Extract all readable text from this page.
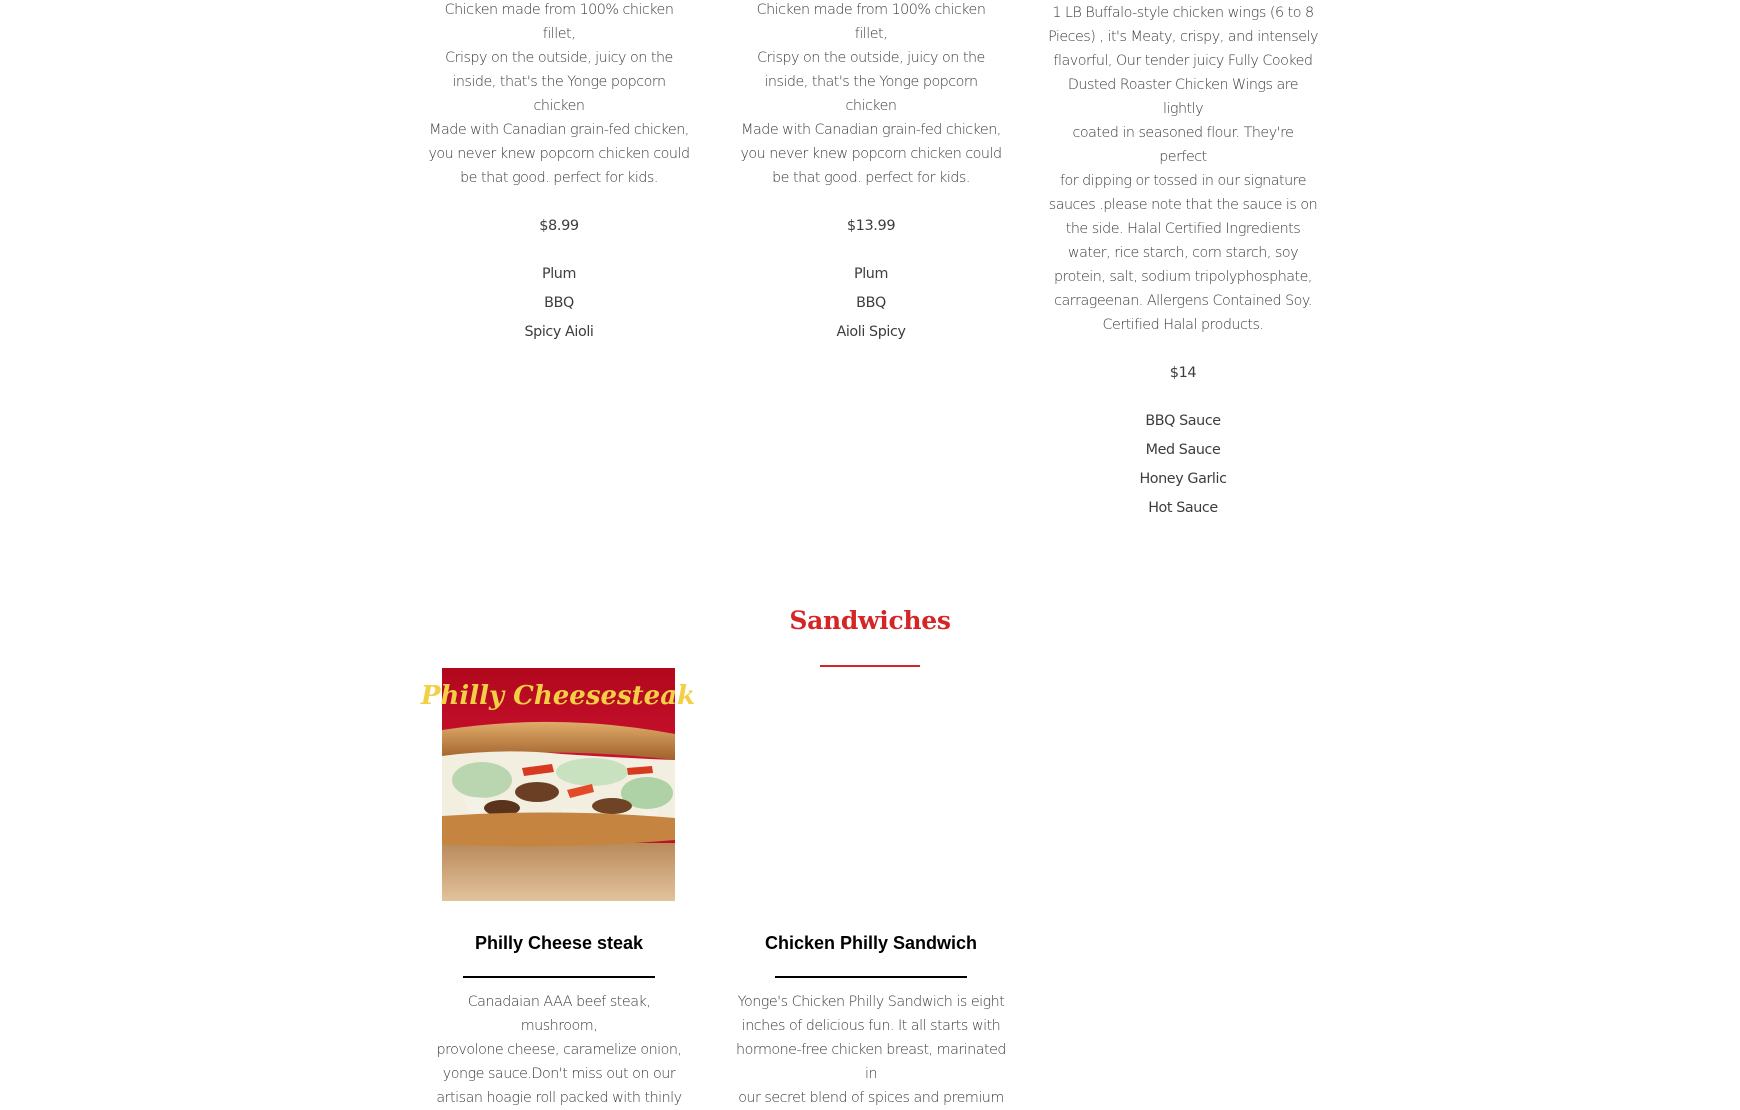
Chicken made from 100% chicken fillet,
Crispy on the outside, juicy on the
inside, that's the Yonge popcorn chicken
Made with Canadian grain-fed chicken,
you never knew popcorn chicken could
be that good. perfect for kids.

$8.99
Plum
BBQ
Spicy Aioli

Chicken made from 100% chicken fillet,
Crispy on the outside, juicy on the
inside, that's the Yonge popcorn chicken
Made with Canadian grain-fed chicken,
you never knew popcorn chicken could
be that good. perfect for kids.

$13.99
Plum
BBQ
Aioli Spicy

1 LB Buffalo-style chicken wings (6 to 8
Pieces) , it's Meaty, crispy, and intensely
flavorful, Our tender juicy Fully Cooked
Dusted Roaster Chicken Wings are lightly
coated in seasoned flour. They're perfect
for dipping or tossed in our signature
sauces .please note that the sauce is on
the side. Halal Certified Ingredients
water, rice starch, corn starch, soy
protein, salt, sodium tripolyphosphate,
carrageenan. Allergens Contained Soy.
Certified Halal products.

$14
BBQ Sauce
Med Sauce
Honey Garlic
Hot Sauce
Sandwiches
Philly Cheesesteak
Philly Cheese steak

Canadaian AAA beef steak, mushroom,
provolone cheese, caramelize onion,
yonge sauce.Don't miss out on our
artisan hoagie roll packed with thinly

Chicken Philly Sandwich

Yonge's Chicken Philly Sandwich is eight
inches of delicious fun. It all starts with
hormone-free chicken breast, marinated in
our secret blend of spices and premium
